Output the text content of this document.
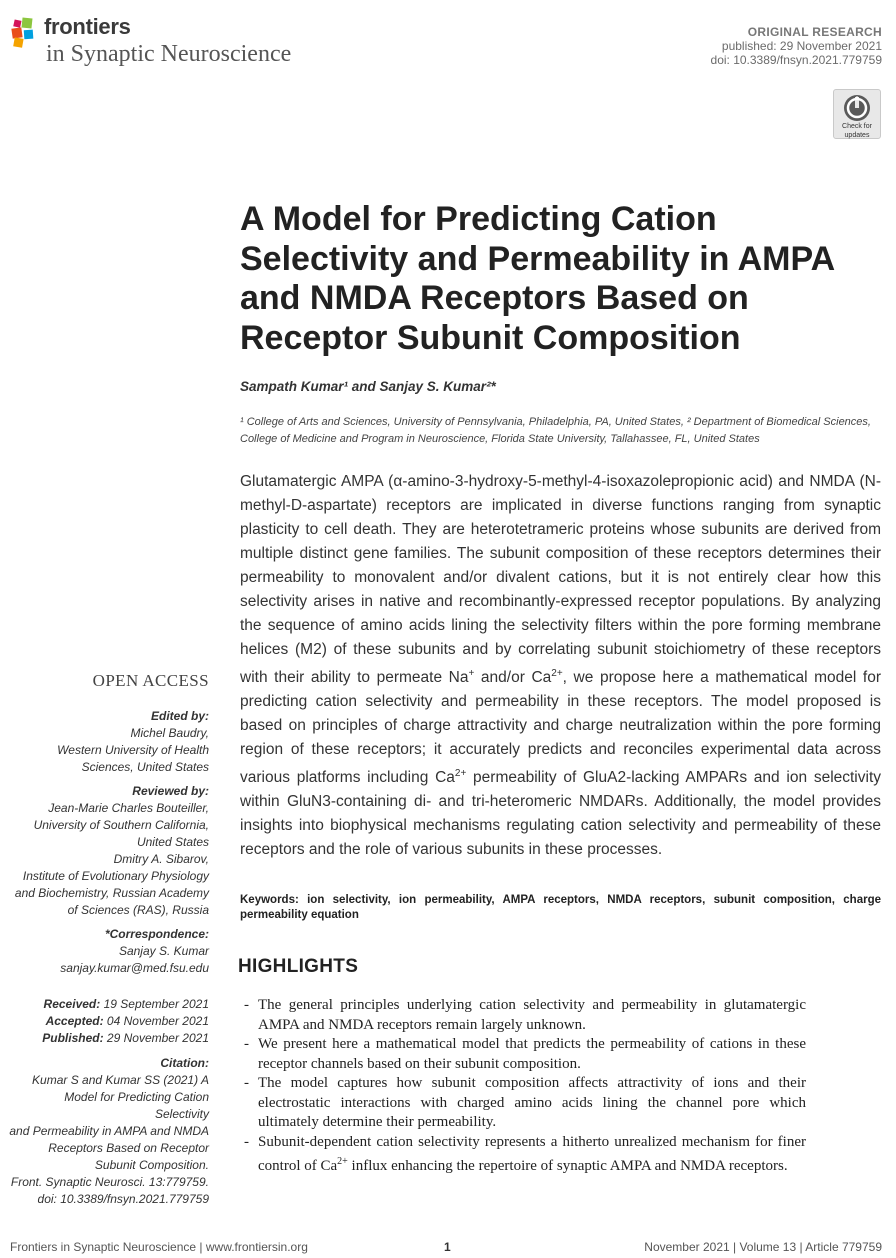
frontiers
in Synaptic Neuroscience
ORIGINAL RESEARCH
published: 29 November 2021
doi: 10.3389/fnsyn.2021.779759
Check for
updates
A Model for Predicting Cation Selectivity and Permeability in AMPA and NMDA Receptors Based on Receptor Subunit Composition
Sampath Kumar¹ and Sanjay S. Kumar²*
¹ College of Arts and Sciences, University of Pennsylvania, Philadelphia, PA, United States, ² Department of Biomedical Sciences, College of Medicine and Program in Neuroscience, Florida State University, Tallahassee, FL, United States
Glutamatergic AMPA (α-amino-3-hydroxy-5-methyl-4-isoxazolepropionic acid) and NMDA (N-methyl-D-aspartate) receptors are implicated in diverse functions ranging from synaptic plasticity to cell death. They are heterotetrameric proteins whose subunits are derived from multiple distinct gene families. The subunit composition of these receptors determines their permeability to monovalent and/or divalent cations, but it is not entirely clear how this selectivity arises in native and recombinantly-expressed receptor populations. By analyzing the sequence of amino acids lining the selectivity filters within the pore forming membrane helices (M2) of these subunits and by correlating subunit stoichiometry of these receptors with their ability to permeate Na+ and/or $Ca^{2+}$, we propose here a mathematical model for predicting cation selectivity and permeability in these receptors. The model proposed is based on principles of charge attractivity and charge neutralization within the pore forming region of these receptors; it accurately predicts and reconciles experimental data across various platforms including $Ca^{2+}$ permeability of GluA2-lacking AMPARs and ion selectivity within GluN3-containing di- and tri-heteromeric NMDARs. Additionally, the model provides insights into biophysical mechanisms regulating cation selectivity and permeability of these receptors and the role of various subunits in these processes.
Keywords: ion selectivity, ion permeability, AMPA receptors, NMDA receptors, subunit composition, charge permeability equation
HIGHLIGHTS
- The general principles underlying cation selectivity and permeability in glutamatergic AMPA and NMDA receptors remain largely unknown.
- We present here a mathematical model that predicts the permeability of cations in these receptor channels based on their subunit composition.
- The model captures how subunit composition affects attractivity of ions and their electrostatic interactions with charged amino acids lining the channel pore which ultimately determine their permeability.
- Subunit-dependent cation selectivity represents a hitherto unrealized mechanism for finer control of $Ca^{2+}$ influx enhancing the repertoire of synaptic AMPA and NMDA receptors.
OPEN ACCESS
Edited by:
Michel Baudry,
Western University of Health
Sciences, United States
Reviewed by:
Jean-Marie Charles Bouteiller,
University of Southern California,
United States
Dmitry A. Sibarov,
Institute of Evolutionary Physiology
and Biochemistry, Russian Academy
of Sciences (RAS), Russia
*Correspondence:
Sanjay S. Kumar
sanjay.kumar@med.fsu.edu
Received: 19 September 2021
Accepted: 04 November 2021
Published: 29 November 2021
Citation:
Kumar S and Kumar SS (2021) A
Model for Predicting Cation Selectivity
and Permeability in AMPA and NMDA
Receptors Based on Receptor
Subunit Composition.
Front. Synaptic Neurosci. 13:779759.
doi: 10.3389/fnsyn.2021.779759
Frontiers in Synaptic Neuroscience | www.frontiersin.org	1	November 2021 | Volume 13 | Article 779759
